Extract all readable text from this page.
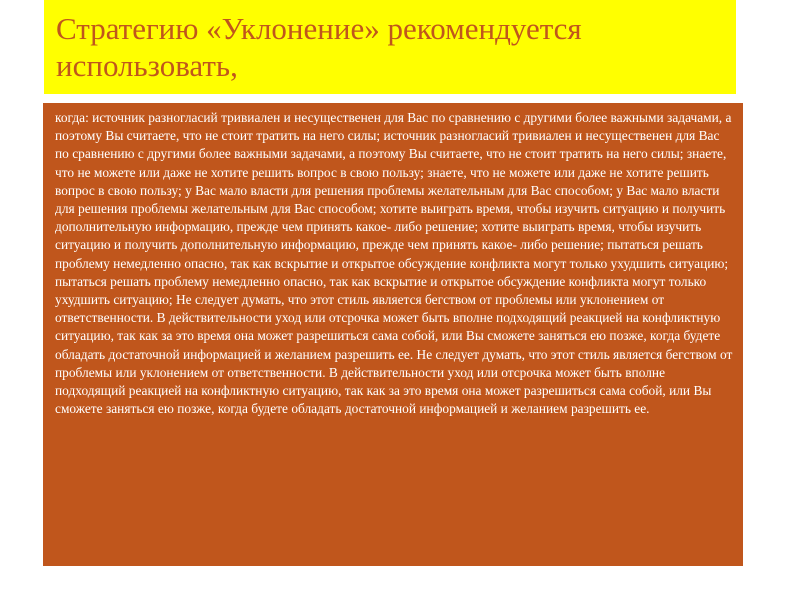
Стратегию «Уклонение» рекомендуется использовать,

когда: источник разногласий тривиален и несущественен для Вас по сравнению с другими более важными задачами, а поэтому Вы считаете, что не стоит тратить на него силы; источник разногласий тривиален и несущественен для Вас по сравнению с другими более важными задачами, а поэтому Вы считаете, что не стоит тратить на него силы; знаете, что не можете или даже не хотите решить вопрос в свою пользу; знаете, что не можете или даже не хотите решить вопрос в свою пользу; у Вас мало власти для решения проблемы желательным для Вас способом; у Вас мало власти для решения проблемы желательным для Вас способом; хотите выиграть время, чтобы изучить ситуацию и получить дополнительную информацию, прежде чем принять какое- либо решение; хотите выиграть время, чтобы изучить ситуацию и получить дополнительную информацию, прежде чем принять какое- либо решение; пытаться решать проблему немедленно опасно, так как вскрытие и открытое обсуждение конфликта могут только ухудшить ситуацию; пытаться решать проблему немедленно опасно, так как вскрытие и открытое обсуждение конфликта могут только ухудшить ситуацию; Не следует думать, что этот стиль является бегством от проблемы или уклонением от ответственности. В действительности уход или отсрочка может быть вполне подходящий реакцией на конфликтную ситуацию, так как за это время она может разрешиться сама собой, или Вы сможете заняться ею позже, когда будете обладать достаточной информацией и желанием разрешить ее. Не следует думать, что этот стиль является бегством от проблемы или уклонением от ответственности. В действительности уход или отсрочка может быть вполне подходящий реакцией на конфликтную ситуацию, так как за это время она может разрешиться сама собой, или Вы сможете заняться ею позже, когда будете обладать достаточной информацией и желанием разрешить ее.
